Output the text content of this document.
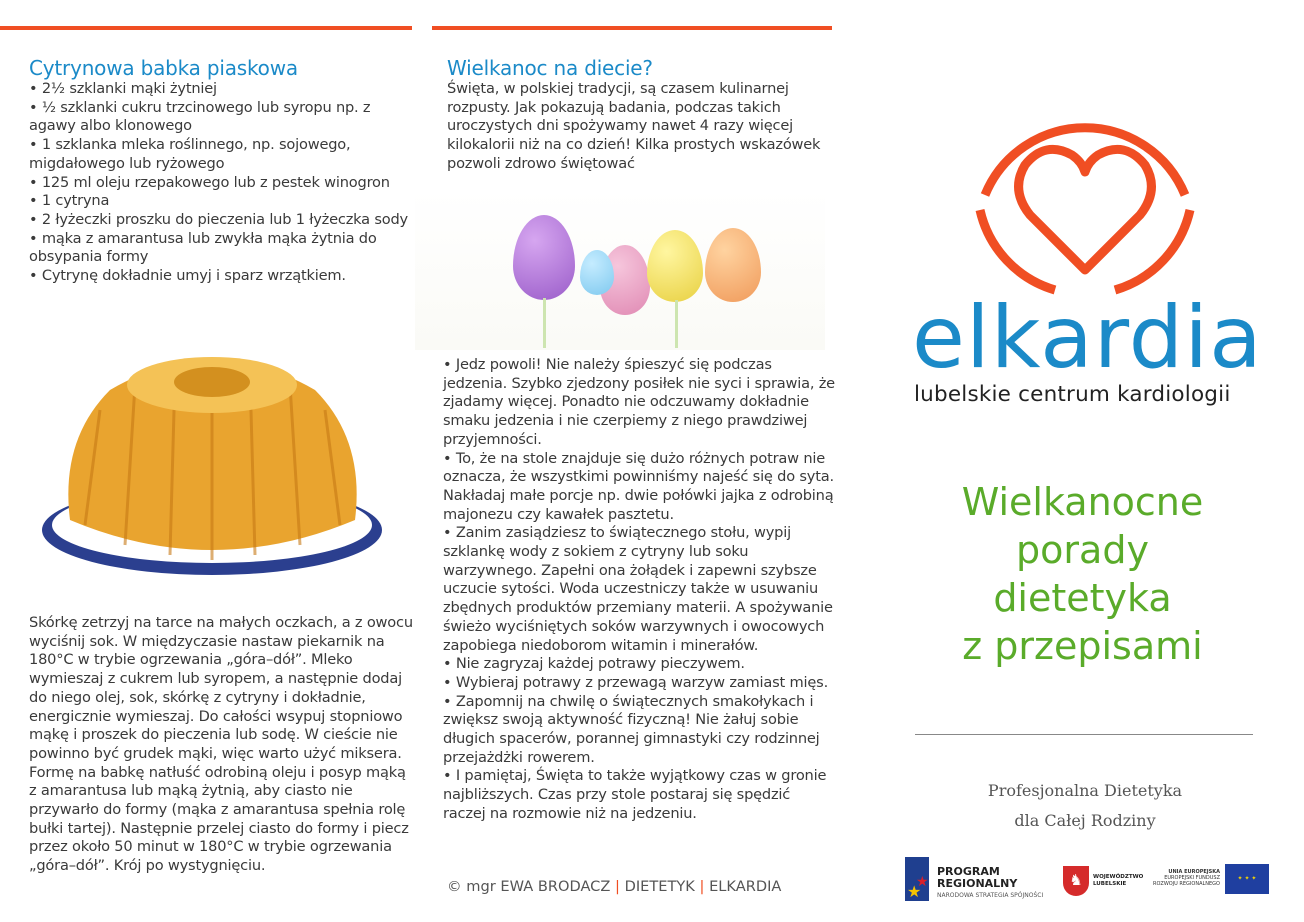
Cytrynowa babka piaskowa

• 2½ szklanki mąki żytniej

• ½ szklanki cukru trzcinowego lub syropu np. z agawy albo klonowego

• 1 szklanka mleka roślinnego, np. sojowego, migdałowego lub ryżowego

• 125 ml oleju rzepakowego lub z pestek winogron

• 1 cytryna

• 2 łyżeczki proszku do pieczenia lub 1 łyżeczka sody

• mąka z amarantusa lub zwykła mąka żytnia do obsypania formy

• Cytrynę dokładnie umyj i sparz wrzątkiem.

Skórkę zetrzyj na tarce na małych oczkach, a z owocu wyciśnij sok. W międzyczasie nastaw piekarnik na 180°C w trybie ogrzewania „góra–dół”. Mleko wymieszaj z cukrem lub syropem, a następnie dodaj do niego olej, sok, skórkę z cytryny i dokładnie, energicznie wymieszaj. Do całości wsypuj stopniowo mąkę i proszek do pieczenia lub sodę. W cieście nie powinno być grudek mąki, więc warto użyć miksera. Formę na babkę natłuść odrobiną oleju i posyp mąką z amarantusa lub mąką żytnią, aby ciasto nie przywarło do formy (mąka z amarantusa spełnia rolę bułki tartej). Następnie przelej ciasto do formy i piecz przez około 50 minut w 180°C w trybie ogrzewania „góra–dół”. Krój po wystygnięciu.

Wielkanoc na diecie?

Święta, w polskiej tradycji, są czasem kulinarnej rozpusty. Jak pokazują badania, podczas takich uroczystych dni spożywamy nawet 4 razy więcej kilokalorii niż na co dzień! Kilka prostych wskazówek pozwoli zdrowo świętować

• Jedz powoli! Nie należy śpieszyć się podczas jedzenia. Szybko zjedzony posiłek nie syci i sprawia, że zjadamy więcej. Ponadto nie odczuwamy dokładnie smaku jedzenia i nie czerpiemy z niego prawdziwej przyjemności.

• To, że na stole znajduje się dużo różnych potraw nie oznacza, że wszystkimi powinniśmy najeść się do syta. Nakładaj małe porcje np. dwie połówki jajka z odrobiną majonezu czy kawałek pasztetu.

• Zanim zasiądziesz to świątecznego stołu, wypij szklankę wody z sokiem z cytryny lub soku warzywnego. Zapełni ona żołądek i zapewni szybsze uczucie sytości. Woda uczestniczy także w usuwaniu zbędnych produktów przemiany materii. A spożywanie świeżo wyciśniętych soków warzywnych i owocowych zapobiega niedoborom witamin i minerałów.

• Nie zagryzaj każdej potrawy pieczywem.

• Wybieraj potrawy z przewagą warzyw zamiast mięs.

• Zapomnij na chwilę o świątecznych smakołykach i zwiększ swoją aktywność fizyczną! Nie żałuj sobie długich spacerów, porannej gimnastyki czy rodzinnej przejażdżki rowerem.

• I pamiętaj, Święta to także wyjątkowy czas w gronie najbliższych. Czas przy stole postaraj się spędzić raczej na rozmowie niż na jedzeniu.

© mgr EWA BRODACZ | DIETETYK | ELKARDIA
elkardia
lubelskie centrum kardiologii
Wielkanocne
porady
dietetyka
z przepisami
Profesjonalna Dietetyka
dla Całej Rodziny
★
★
PROGRAM
REGIONALNY
NARODOWA STRATEGIA SPÓJNOŚCI
♞	WOJEWÓDZTWO
LUBELSKIE
UNIA EUROPEJSKA
EUROPEJSKI FUNDUSZ
ROZWOJU REGIONALNEGO
✦ ✦ ✦
